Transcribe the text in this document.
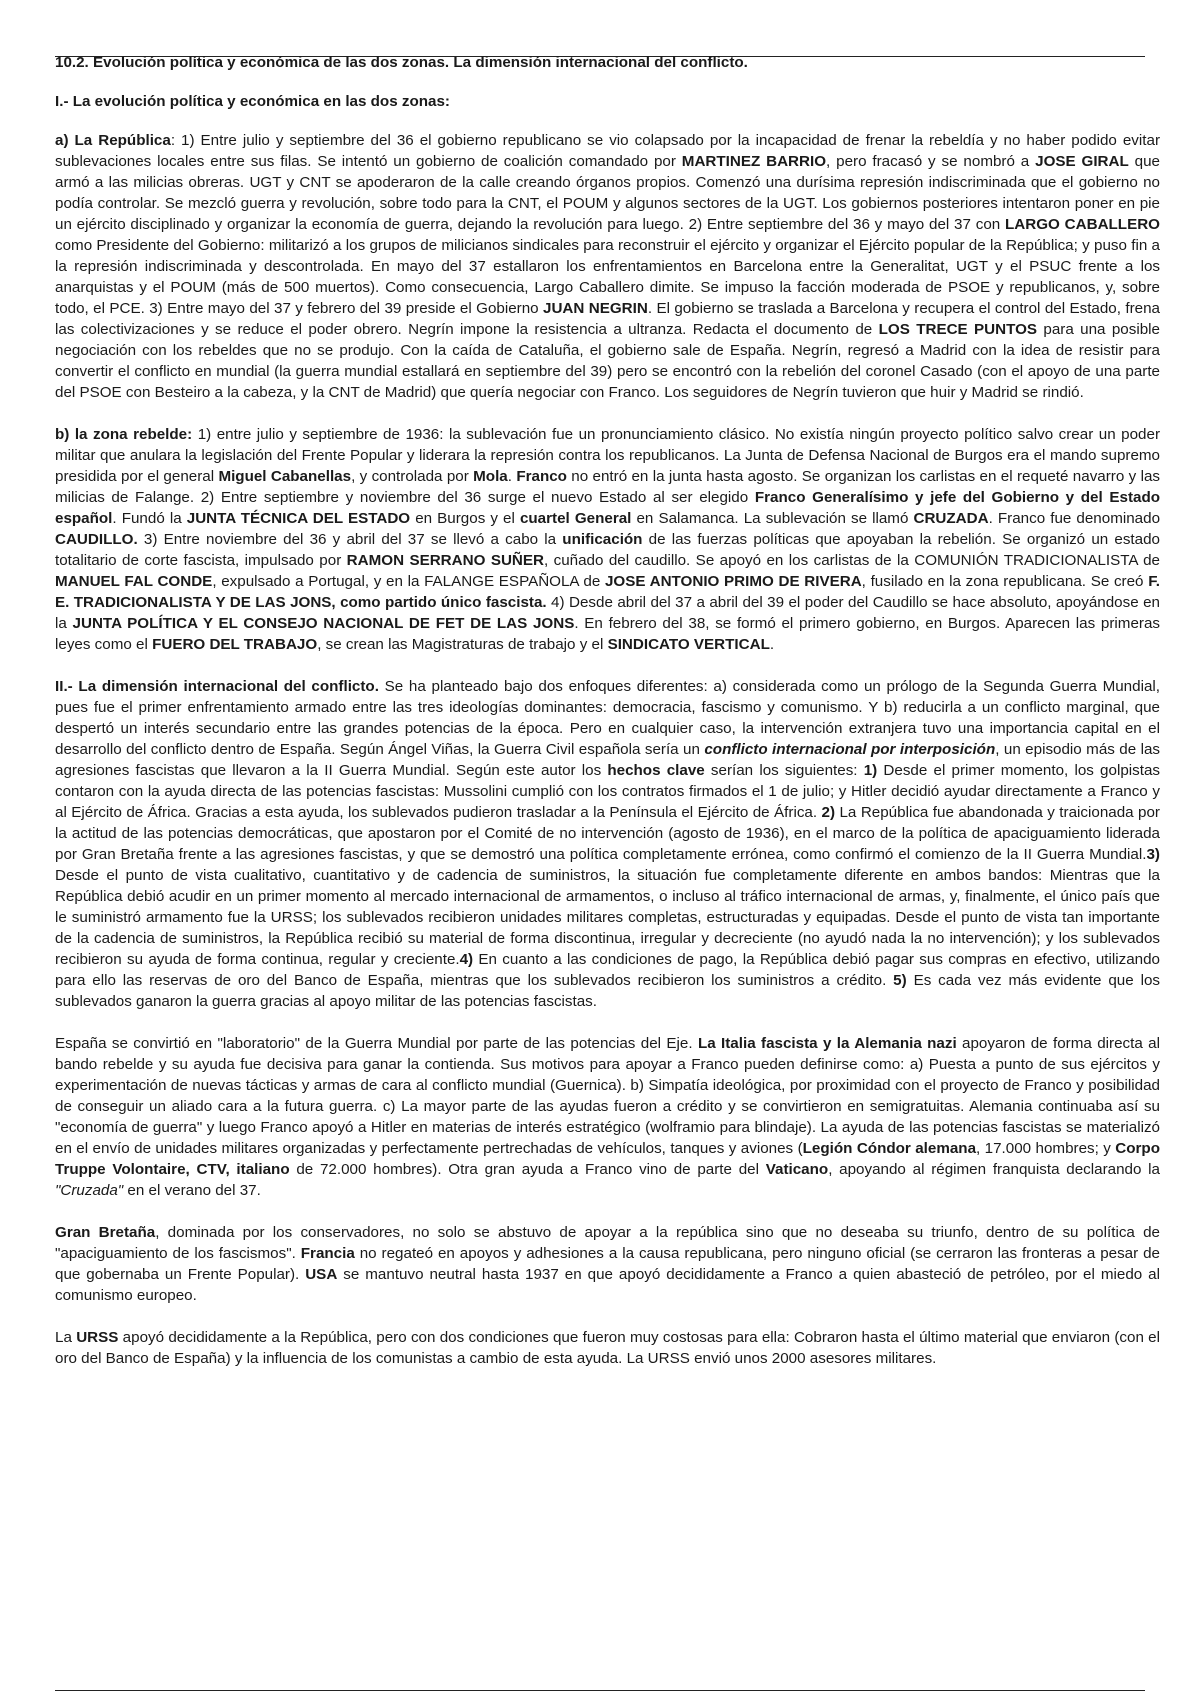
10.2. Evolución política y económica de las dos zonas. La dimensión internacional del conflicto.
I.- La evolución política y económica en las dos zonas:

a) La República: 1) Entre julio y septiembre del 36 el gobierno republicano se vio colapsado por la incapacidad de frenar la rebeldía y no haber podido evitar sublevaciones locales entre sus filas. Se intentó un gobierno de coalición comandado por MARTINEZ BARRIO, pero fracasó y se nombró a JOSE GIRAL que armó a las milicias obreras. UGT y CNT se apoderaron de la calle creando órganos propios. Comenzó una durísima represión indiscriminada que el gobierno no podía controlar. Se mezcló guerra y revolución, sobre todo para la CNT, el POUM y algunos sectores de la UGT. Los gobiernos posteriores intentaron poner en pie un ejército disciplinado y organizar la economía de guerra, dejando la revolución para luego. 2) Entre septiembre del 36 y mayo del 37 con LARGO CABALLERO como Presidente del Gobierno: militarizó a los grupos de milicianos sindicales para reconstruir el ejército y organizar el Ejército popular de la República; y puso fin a la represión indiscriminada y descontrolada. En mayo del 37 estallaron los enfrentamientos en Barcelona entre la Generalitat, UGT y el PSUC frente a los anarquistas y el POUM (más de 500 muertos). Como consecuencia, Largo Caballero dimite. Se impuso la facción moderada de PSOE y republicanos, y, sobre todo, el PCE. 3) Entre mayo del 37 y febrero del 39 preside el Gobierno JUAN NEGRIN. El gobierno se traslada a Barcelona y recupera el control del Estado, frena las colectivizaciones y se reduce el poder obrero. Negrín impone la resistencia a ultranza. Redacta el documento de LOS TRECE PUNTOS para una posible negociación con los rebeldes que no se produjo. Con la caída de Cataluña, el gobierno sale de España. Negrín, regresó a Madrid con la idea de resistir para convertir el conflicto en mundial (la guerra mundial estallará en septiembre del 39) pero se encontró con la rebelión del coronel Casado (con el apoyo de una parte del PSOE con Besteiro a la cabeza, y la CNT de Madrid) que quería negociar con Franco. Los seguidores de Negrín tuvieron que huir y Madrid se rindió.

b) la zona rebelde: 1) entre julio y septiembre de 1936: la sublevación fue un pronunciamiento clásico. No existía ningún proyecto político salvo crear un poder militar que anulara la legislación del Frente Popular y liderara la represión contra los republicanos. La Junta de Defensa Nacional de Burgos era el mando supremo presidida por el general Miguel Cabanellas, y controlada por Mola. Franco no entró en la junta hasta agosto. Se organizan los carlistas en el requeté navarro y las milicias de Falange. 2) Entre septiembre y noviembre del 36 surge el nuevo Estado al ser elegido Franco Generalísimo y jefe del Gobierno y del Estado español. Fundó la JUNTA TÉCNICA DEL ESTADO en Burgos y el cuartel General en Salamanca. La sublevación se llamó CRUZADA. Franco fue denominado CAUDILLO. 3) Entre noviembre del 36 y abril del 37 se llevó a cabo la unificación de las fuerzas políticas que apoyaban la rebelión. Se organizó un estado totalitario de corte fascista, impulsado por RAMON SERRANO SUÑER, cuñado del caudillo. Se apoyó en los carlistas de la COMUNIÓN TRADICIONALISTA de MANUEL FAL CONDE, expulsado a Portugal, y en la FALANGE ESPAÑOLA de JOSE ANTONIO PRIMO DE RIVERA, fusilado en la zona republicana. Se creó F. E. TRADICIONALISTA Y DE LAS JONS, como partido único fascista. 4) Desde abril del 37 a abril del 39 el poder del Caudillo se hace absoluto, apoyándose en la JUNTA POLÍTICA Y EL CONSEJO NACIONAL DE FET DE LAS JONS. En febrero del 38, se formó el primero gobierno, en Burgos. Aparecen las primeras leyes como el FUERO DEL TRABAJO, se crean las Magistraturas de trabajo y el SINDICATO VERTICAL.

II.- La dimensión internacional del conflicto. Se ha planteado bajo dos enfoques diferentes: a) considerada como un prólogo de la Segunda Guerra Mundial, pues fue el primer enfrentamiento armado entre las tres ideologías dominantes: democracia, fascismo y comunismo. Y b) reducirla a un conflicto marginal, que despertó un interés secundario entre las grandes potencias de la época. Pero en cualquier caso, la intervención extranjera tuvo una importancia capital en el desarrollo del conflicto dentro de España. Según Ángel Viñas, la Guerra Civil española sería un conflicto internacional por interposición, un episodio más de las agresiones fascistas que llevaron a la II Guerra Mundial. Según este autor los hechos clave serían los siguientes: 1) Desde el primer momento, los golpistas contaron con la ayuda directa de las potencias fascistas: Mussolini cumplió con los contratos firmados el 1 de julio; y Hitler decidió ayudar directamente a Franco y al Ejército de África. Gracias a esta ayuda, los sublevados pudieron trasladar a la Península el Ejército de África. 2) La República fue abandonada y traicionada por la actitud de las potencias democráticas, que apostaron por el Comité de no intervención (agosto de 1936), en el marco de la política de apaciguamiento liderada por Gran Bretaña frente a las agresiones fascistas, y que se demostró una política completamente errónea, como confirmó el comienzo de la II Guerra Mundial.3) Desde el punto de vista cualitativo, cuantitativo y de cadencia de suministros, la situación fue completamente diferente en ambos bandos: Mientras que la República debió acudir en un primer momento al mercado internacional de armamentos, o incluso al tráfico internacional de armas, y, finalmente, el único país que le suministró armamento fue la URSS; los sublevados recibieron unidades militares completas, estructuradas y equipadas. Desde el punto de vista tan importante de la cadencia de suministros, la República recibió su material de forma discontinua, irregular y decreciente (no ayudó nada la no intervención); y los sublevados recibieron su ayuda de forma continua, regular y creciente.4) En cuanto a las condiciones de pago, la República debió pagar sus compras en efectivo, utilizando para ello las reservas de oro del Banco de España, mientras que los sublevados recibieron los suministros a crédito. 5) Es cada vez más evidente que los sublevados ganaron la guerra gracias al apoyo militar de las potencias fascistas.

España se convirtió en "laboratorio" de la Guerra Mundial por parte de las potencias del Eje. La Italia fascista y la Alemania nazi apoyaron de forma directa al bando rebelde y su ayuda fue decisiva para ganar la contienda. Sus motivos para apoyar a Franco pueden definirse como: a) Puesta a punto de sus ejércitos y experimentación de nuevas tácticas y armas de cara al conflicto mundial (Guernica). b) Simpatía ideológica, por proximidad con el proyecto de Franco y posibilidad de conseguir un aliado cara a la futura guerra. c) La mayor parte de las ayudas fueron a crédito y se convirtieron en semigratuitas. Alemania continuaba así su "economía de guerra" y luego Franco apoyó a Hitler en materias de interés estratégico (wolframio para blindaje). La ayuda de las potencias fascistas se materializó en el envío de unidades militares organizadas y perfectamente pertrechadas de vehículos, tanques y aviones (Legión Cóndor alemana, 17.000 hombres; y Corpo Truppe Volontaire, CTV, italiano de 72.000 hombres). Otra gran ayuda a Franco vino de parte del Vaticano, apoyando al régimen franquista declarando la "Cruzada" en el verano del 37.

Gran Bretaña, dominada por los conservadores, no solo se abstuvo de apoyar a la república sino que no deseaba su triunfo, dentro de su política de "apaciguamiento de los fascismos". Francia no regateó en apoyos y adhesiones a la causa republicana, pero ninguno oficial (se cerraron las fronteras a pesar de que gobernaba un Frente Popular). USA se mantuvo neutral hasta 1937 en que apoyó decididamente a Franco a quien abasteció de petróleo, por el miedo al comunismo europeo.

La URSS apoyó decididamente a la República, pero con dos condiciones que fueron muy costosas para ella: Cobraron hasta el último material que enviaron (con el oro del Banco de España) y la influencia de los comunistas a cambio de esta ayuda. La URSS envió unos 2000 asesores militares.
